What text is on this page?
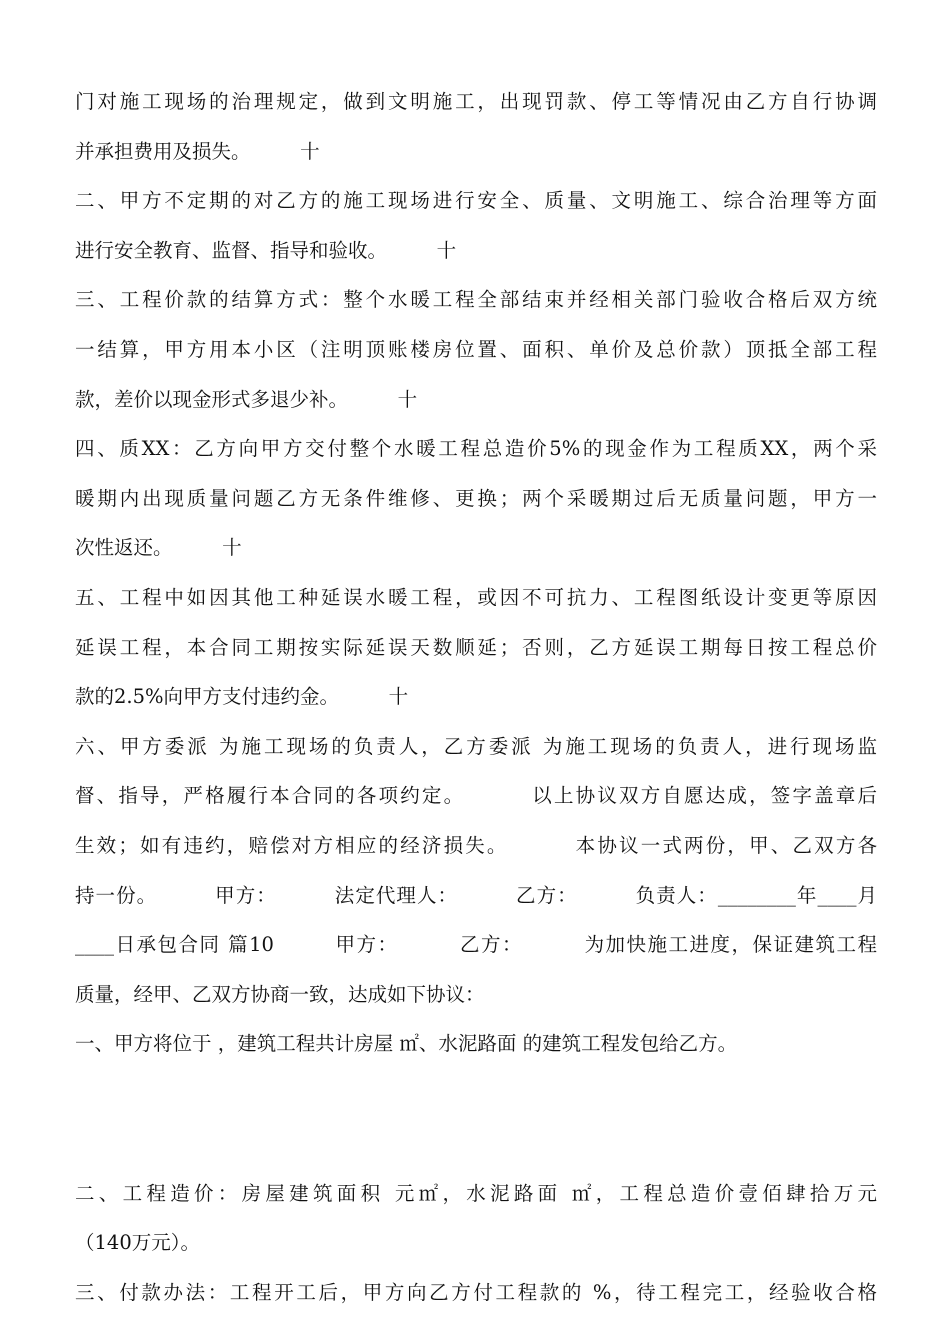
门对施工现场的治理规定，做到文明施工，出现罚款、停工等情况由乙方自行协调
并承担费用及损失。        十
二、甲方不定期的对乙方的施工现场进行安全、质量、文明施工、综合治理等方面
进行安全教育、监督、指导和验收。        十
三、工程价款的结算方式：整个水暖工程全部结束并经相关部门验收合格后双方统
一结算，甲方用本小区（注明顶账楼房位置、面积、单价及总价款）顶抵全部工程
款，差价以现金形式多退少补。        十
四、质XX：乙方向甲方交付整个水暖工程总造价5%的现金作为工程质XX，两个采
暖期内出现质量问题乙方无条件维修、更换；两个采暖期过后无质量问题，甲方一
次性返还。        十
五、工程中如因其他工种延误水暖工程，或因不可抗力、工程图纸设计变更等原因
延误工程，本合同工期按实际延误天数顺延；否则，乙方延误工期每日按工程总价
款的2.5%向甲方支付违约金。        十
六、甲方委派 为施工现场的负责人，乙方委派 为施工现场的负责人，进行现场监
督、指导，严格履行本合同的各项约定。        以上协议双方自愿达成，签字盖章后
生效；如有违约，赔偿对方相应的经济损失。        本协议一式两份，甲、乙双方各
持一份。        甲方：        法定代理人：        乙方：        负责人：________年____月
____日承包合同 篇10        甲方：        乙方：        为加快施工进度，保证建筑工程
质量，经甲、乙双方协商一致，达成如下协议：
一、甲方将位于 ，建筑工程共计房屋 ㎡、水泥路面 的建筑工程发包给乙方。
二、工程造价：房屋建筑面积 元㎡，水泥路面 ㎡，工程总造价壹佰肆拾万元
（140万元）。
三、付款办法：工程开工后，甲方向乙方付工程款的 %，待工程完工，经验收合格
